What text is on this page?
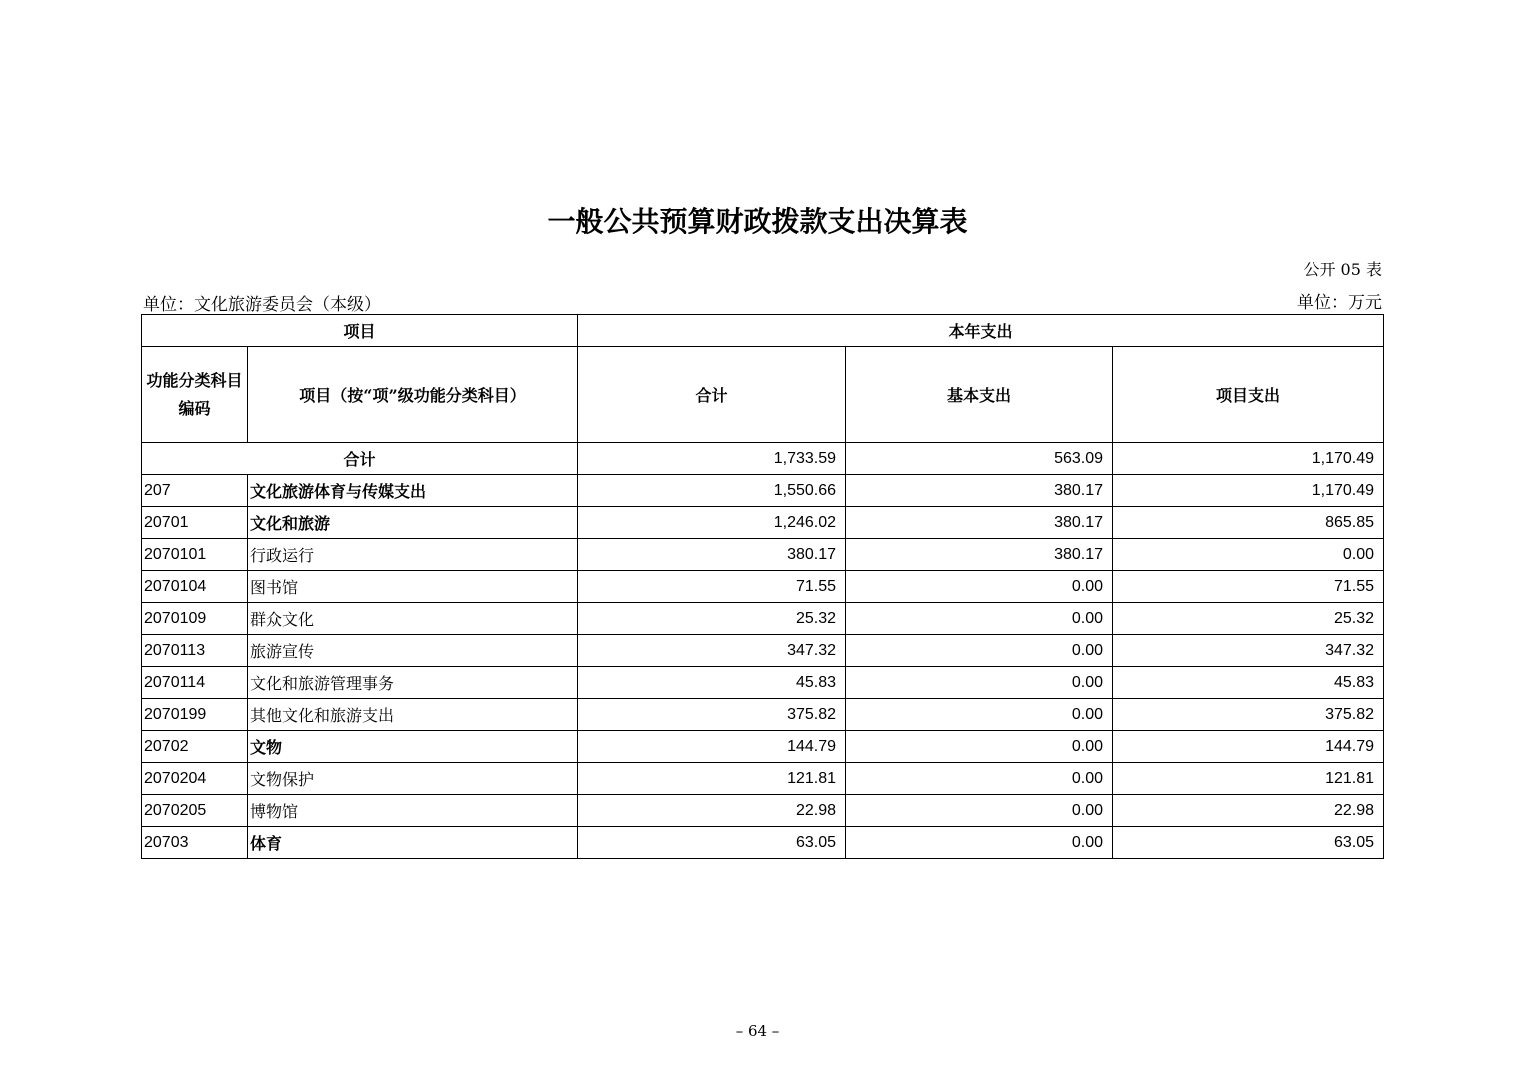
一般公共预算财政拨款支出决算表
公开 05 表
单位：文化旅游委员会（本级）	单位：万元
项目		本年支出		
功能分类科目编码	项目（按“项”级功能分类科目）	合计	基本支出	项目支出
合计		1,733.59	563.09	1,170.49
207	文化旅游体育与传媒支出	1,550.66	380.17	1,170.49
20701	文化和旅游	1,246.02	380.17	865.85
2070101	行政运行	380.17	380.17	0.00
2070104	图书馆	71.55	0.00	71.55
2070109	群众文化	25.32	0.00	25.32
2070113	旅游宣传	347.32	0.00	347.32
2070114	文化和旅游管理事务	45.83	0.00	45.83
2070199	其他文化和旅游支出	375.82	0.00	375.82
20702	文物	144.79	0.00	144.79
2070204	文物保护	121.81	0.00	121.81
2070205	博物馆	22.98	0.00	22.98
20703	体育	63.05	0.00	63.05
– 64 –
